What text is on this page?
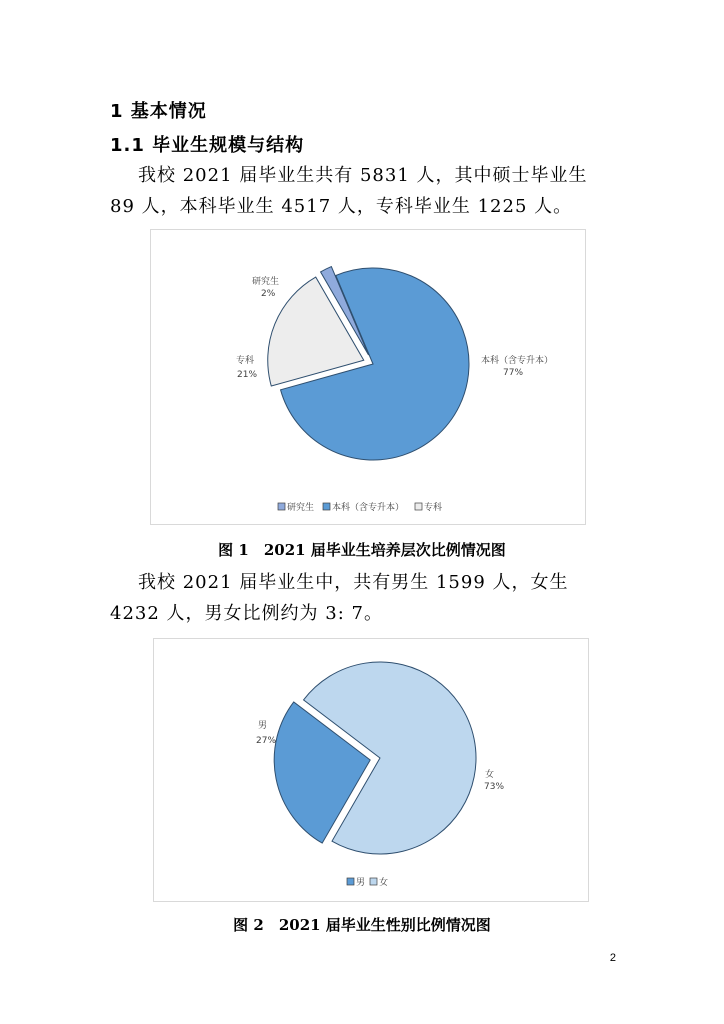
1 基本情况
1.1 毕业生规模与结构
我校 2021 届毕业生共有 5831 人，其中硕士毕业生 89 人，本科毕业生 4517 人，专科毕业生 1225 人。
研究生
2%
本科（含专升本）
77%
专科
21%
研究生 本科（含专升本） 专科
图 1　2021 届毕业生培养层次比例情况图
我校 2021 届毕业生中，共有男生 1599 人，女生 4232 人，男女比例约为 3: 7。
男
27%
女
73%
男 女
图 2　2021 届毕业生性别比例情况图
2
